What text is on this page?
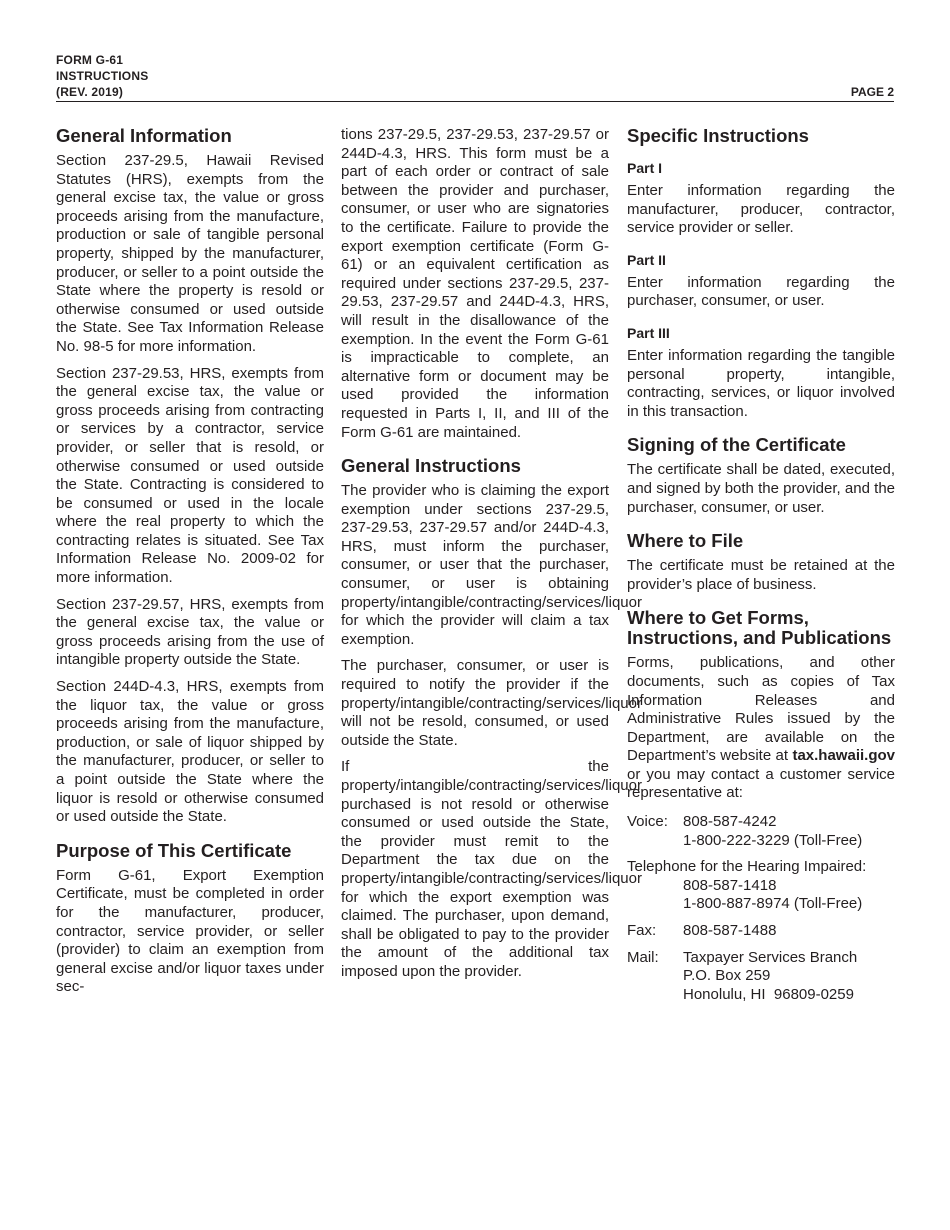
FORM G-61
INSTRUCTIONS
(REV. 2019)	PAGE 2
General Information

Section 237-29.5, Hawaii Revised Statutes (HRS), exempts from the general excise tax, the value or gross proceeds arising from the manufacture, production or sale of tangible personal property, shipped by the manufacturer, producer, or seller to a point outside the State where the property is resold or otherwise consumed or used outside the State. See Tax Information Release No. 98-5 for more information.

Section 237-29.53, HRS, exempts from the general excise tax, the value or gross proceeds arising from contracting or services by a contractor, service provider, or seller that is resold, or otherwise consumed or used outside the State. Contracting is considered to be consumed or used in the locale where the real property to which the contracting relates is situated. See Tax Information Release No. 2009-02 for more information.

Section 237-29.57, HRS, exempts from the general excise tax, the value or gross proceeds arising from the use of intangible property outside the State.

Section 244D-4.3, HRS, exempts from the liquor tax, the value or gross proceeds arising from the manufacture, production, or sale of liquor shipped by the manufacturer, producer, or seller to a point outside the State where the liquor is resold or otherwise consumed or used outside the State.

Purpose of This Certificate

Form G-61, Export Exemption Certificate, must be completed in order for the manufacturer, producer, contractor, service provider, or seller (provider) to claim an exemption from general excise and/or liquor taxes under sec-

tions 237-29.5, 237-29.53, 237-29.57 or 244D-4.3, HRS. This form must be a part of each order or contract of sale between the provider and purchaser, consumer, or user who are signatories to the certificate. Failure to provide the export exemption certificate (Form G-61) or an equivalent certification as required under sections 237-29.5, 237-29.53, 237-29.57 and 244D-4.3, HRS, will result in the disallowance of the exemption. In the event the Form G-61 is impracticable to complete, an alternative form or document may be used provided the information requested in Parts I, II, and III of the Form G-61 are maintained.

General Instructions

The provider who is claiming the export exemption under sections 237-29.5, 237-29.53, 237-29.57 and/or 244D-4.3, HRS, must inform the purchaser, consumer, or user that the purchaser, consumer, or user is obtaining property/intangible/contracting/services/liquor for which the provider will claim a tax exemption.

The purchaser, consumer, or user is required to notify the provider if the property/intangible/contracting/services/liquor will not be resold, consumed, or used outside the State.

If the property/intangible/contracting/services/liquor purchased is not resold or otherwise consumed or used outside the State, the provider must remit to the Department the tax due on the property/intangible/contracting/services/liquor for which the export exemption was claimed. The purchaser, upon demand, shall be obligated to pay to the provider the amount of the additional tax imposed upon the provider.

Specific Instructions
Part I

Enter information regarding the manufacturer, producer, contractor, service provider or seller.

Part II

Enter information regarding the purchaser, consumer, or user.

Part III

Enter information regarding the tangible personal property, intangible, contracting, services, or liquor involved in this transaction.

Signing of the Certificate

The certificate shall be dated, executed, and signed by both the provider, and the purchaser, consumer, or user.

Where to File

The certificate must be retained at the provider’s place of business.

Where to Get Forms, Instructions, and Publications

Forms, publications, and other documents, such as copies of Tax Information Releases and Administrative Rules issued by the Department, are available on the Department’s website at tax.hawaii.gov or you may contact a customer service representative at:

Voice:	808-587-4242
1-800-222-3229 (Toll-Free)
Telephone for the Hearing Impaired:
808-587-1418
1-800-887-8974 (Toll-Free)
Fax:	808-587-1488
Mail:	Taxpayer Services Branch
P.O. Box 259
Honolulu, HI  96809-0259
